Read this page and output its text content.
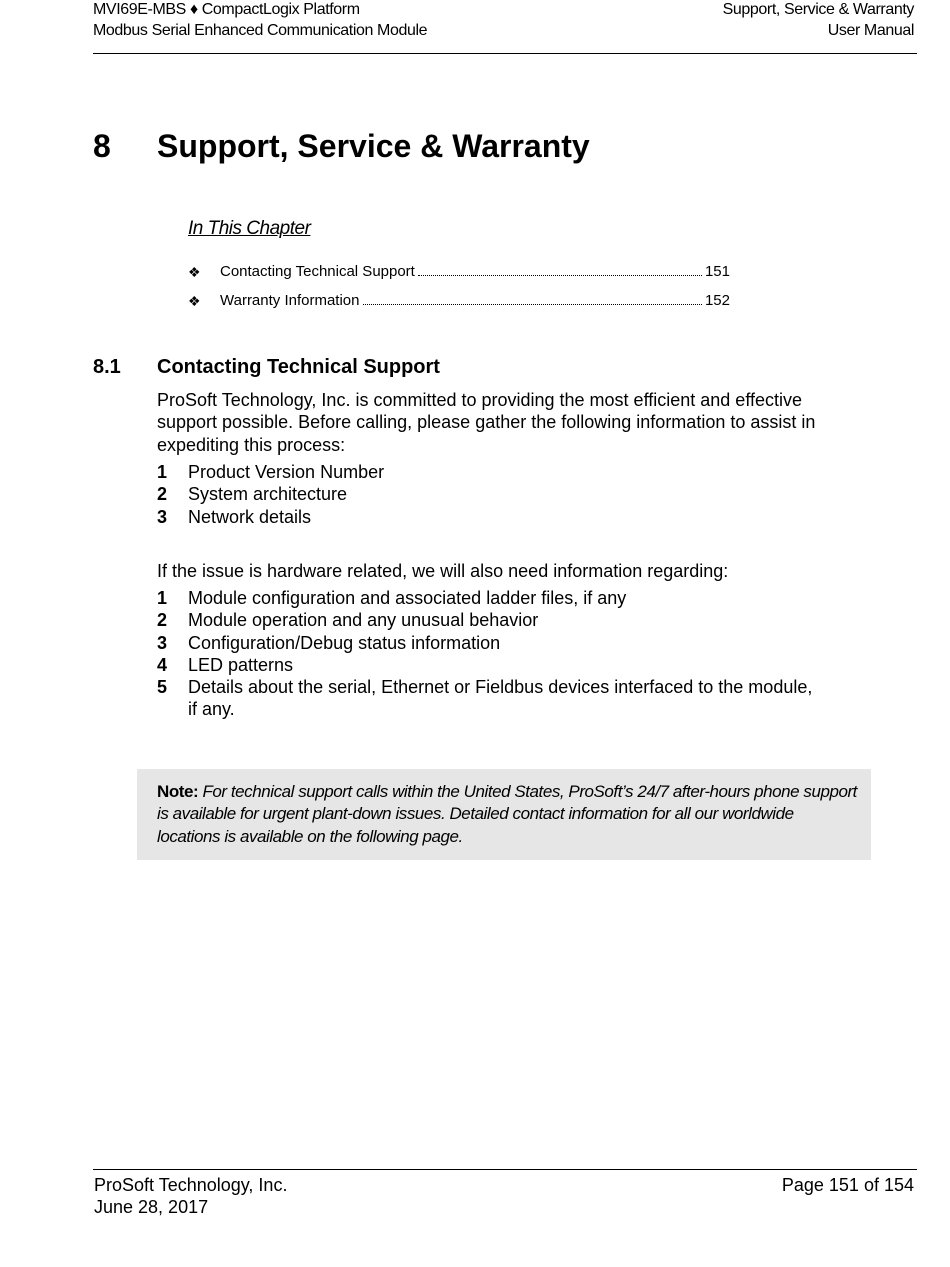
MVI69E-MBS ♦ CompactLogix Platform
Modbus Serial Enhanced Communication Module
Support, Service & Warranty
User Manual
8 Support, Service & Warranty
In This Chapter
❖ Contacting Technical Support	151
❖ Warranty Information	152
8.1 Contacting Technical Support
ProSoft Technology, Inc. is committed to providing the most efficient and effective support possible. Before calling, please gather the following information to assist in expediting this process:
1 Product Version Number
2 System architecture
3 Network details
If the issue is hardware related, we will also need information regarding:
1 Module configuration and associated ladder files, if any
2 Module operation and any unusual behavior
3 Configuration/Debug status information
4 LED patterns
5 Details about the serial, Ethernet or Fieldbus devices interfaced to the module, if any.
Note: For technical support calls within the United States, ProSoft’s 24/7 after-hours phone support is available for urgent plant-down issues. Detailed contact information for all our worldwide locations is available on the following page.
ProSoft Technology, Inc.
June 28, 2017
Page 151 of 154
